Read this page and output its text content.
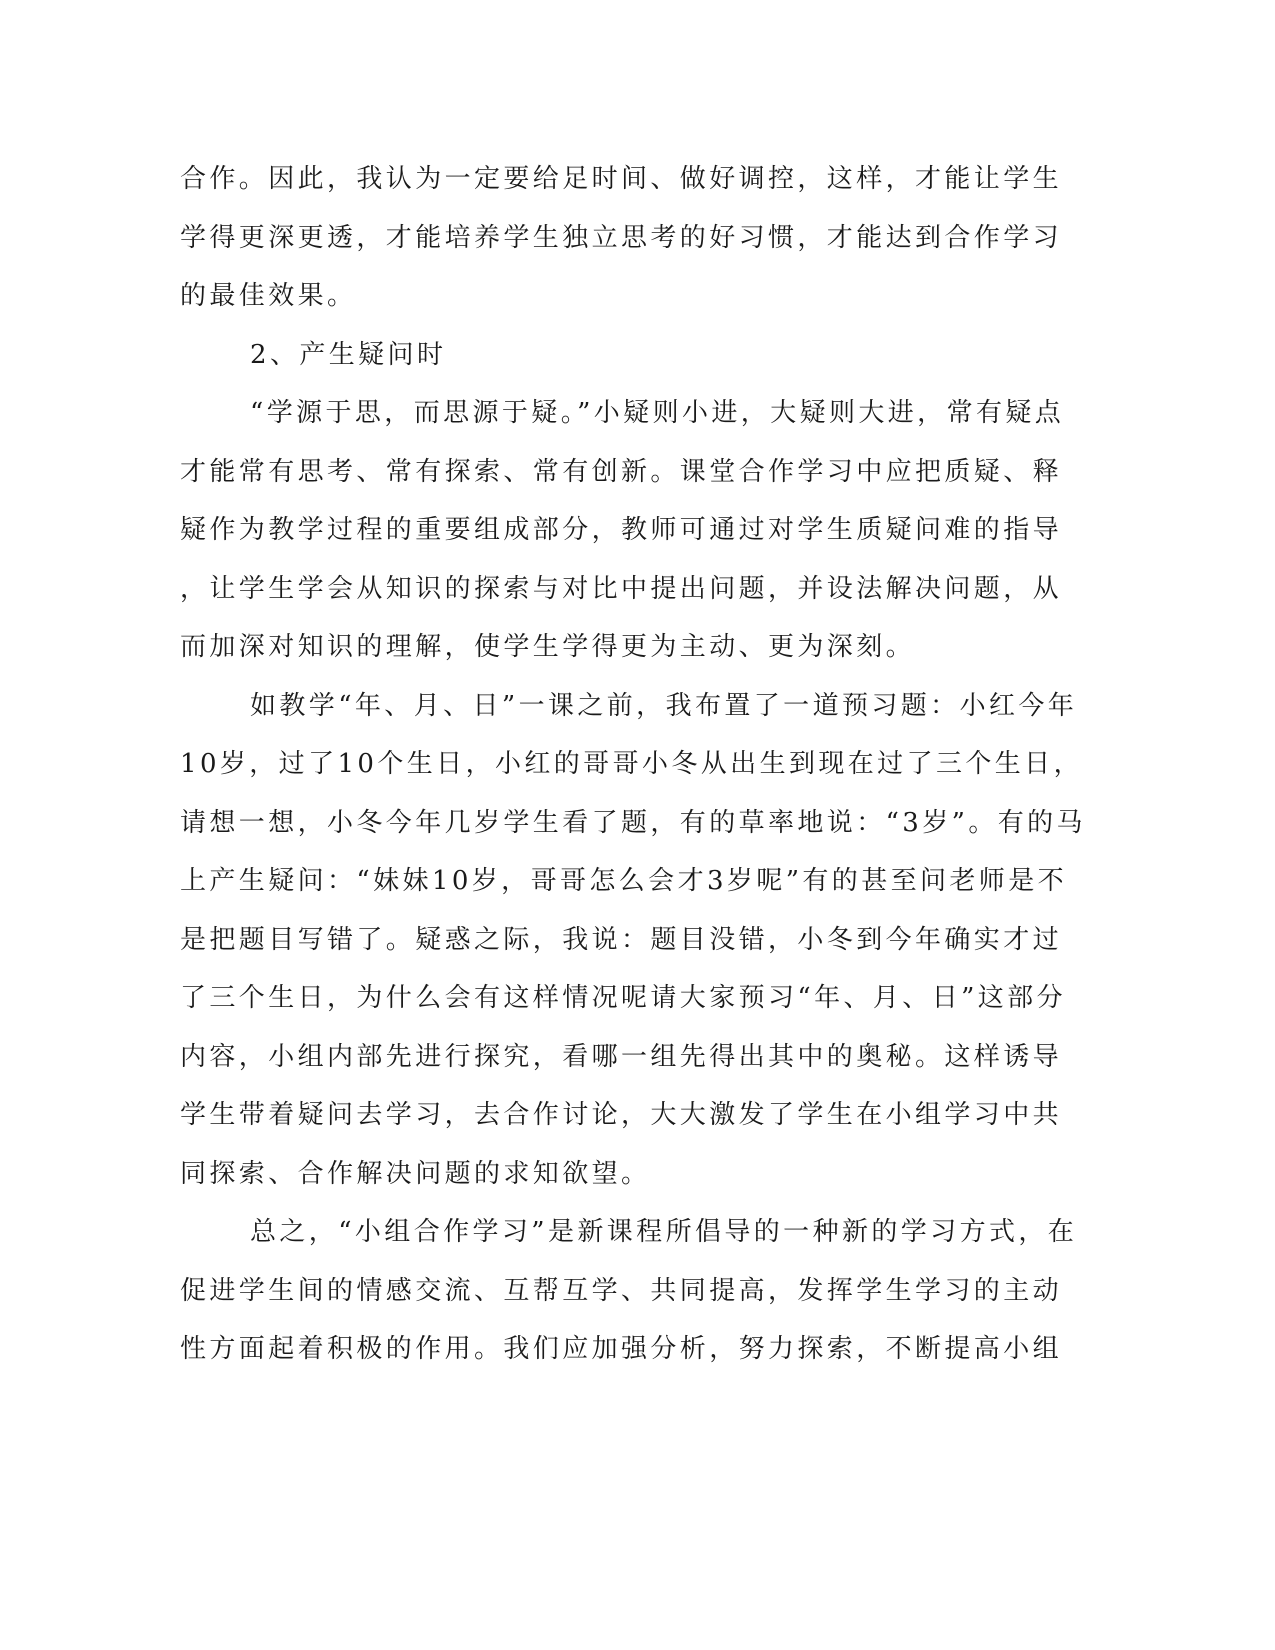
合作。因此，我认为一定要给足时间、做好调控，这样，才能让学生
学得更深更透，才能培养学生独立思考的好习惯，才能达到合作学习
的最佳效果。
2、产生疑问时
“学源于思，而思源于疑。”小疑则小进，大疑则大进，常有疑点
才能常有思考、常有探索、常有创新。课堂合作学习中应把质疑、释
疑作为教学过程的重要组成部分，教师可通过对学生质疑问难的指导
，让学生学会从知识的探索与对比中提出问题，并设法解决问题，从
而加深对知识的理解，使学生学得更为主动、更为深刻。
如教学“年、月、日”一课之前，我布置了一道预习题：小红今年
10岁，过了10个生日，小红的哥哥小冬从出生到现在过了三个生日，
请想一想，小冬今年几岁学生看了题，有的草率地说：“3岁”。有的马
上产生疑问：“妹妹10岁，哥哥怎么会才3岁呢”有的甚至问老师是不
是把题目写错了。疑惑之际，我说：题目没错，小冬到今年确实才过
了三个生日，为什么会有这样情况呢请大家预习“年、月、日”这部分
内容，小组内部先进行探究，看哪一组先得出其中的奥秘。这样诱导
学生带着疑问去学习，去合作讨论，大大激发了学生在小组学习中共
同探索、合作解决问题的求知欲望。
总之，“小组合作学习”是新课程所倡导的一种新的学习方式，在
促进学生间的情感交流、互帮互学、共同提高，发挥学生学习的主动
性方面起着积极的作用。我们应加强分析，努力探索，不断提高小组
